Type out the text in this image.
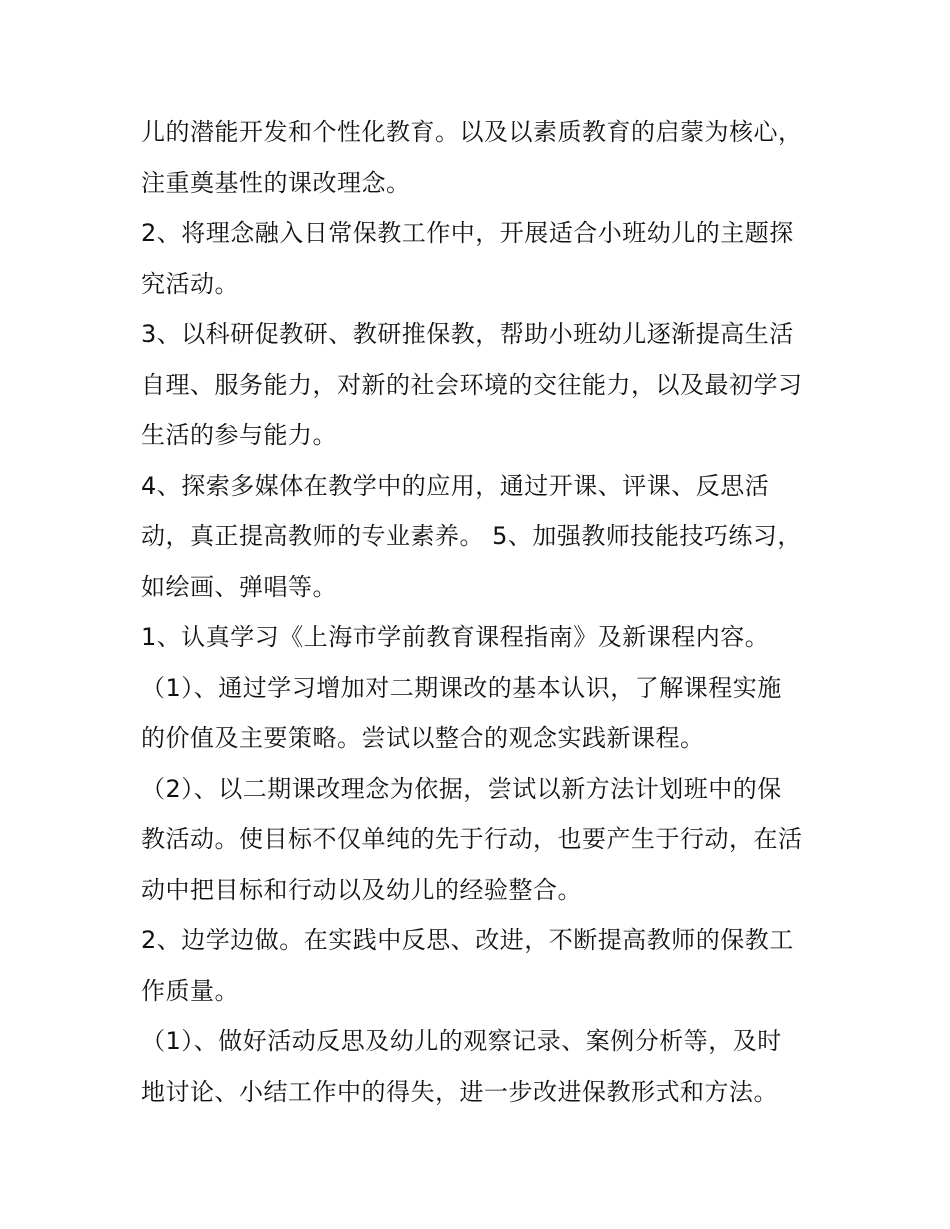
儿的潜能开发和个性化教育。以及以素质教育的启蒙为核心，
注重奠基性的课改理念。
2、将理念融入日常保教工作中，开展适合小班幼儿的主题探
究活动。
3、以科研促教研、教研推保教，帮助小班幼儿逐渐提高生活
自理、服务能力，对新的社会环境的交往能力，以及最初学习
生活的参与能力。
4、探索多媒体在教学中的应用，通过开课、评课、反思活
动，真正提高教师的专业素养。 5、加强教师技能技巧练习，
如绘画、弹唱等。
1、认真学习《上海市学前教育课程指南》及新课程内容。
（1）、通过学习增加对二期课改的基本认识，了解课程实施
的价值及主要策略。尝试以整合的观念实践新课程。
（2）、以二期课改理念为依据，尝试以新方法计划班中的保
教活动。使目标不仅单纯的先于行动，也要产生于行动，在活
动中把目标和行动以及幼儿的经验整合。
2、边学边做。在实践中反思、改进，不断提高教师的保教工
作质量。
（1）、做好活动反思及幼儿的观察记录、案例分析等，及时
地讨论、小结工作中的得失，进一步改进保教形式和方法。
